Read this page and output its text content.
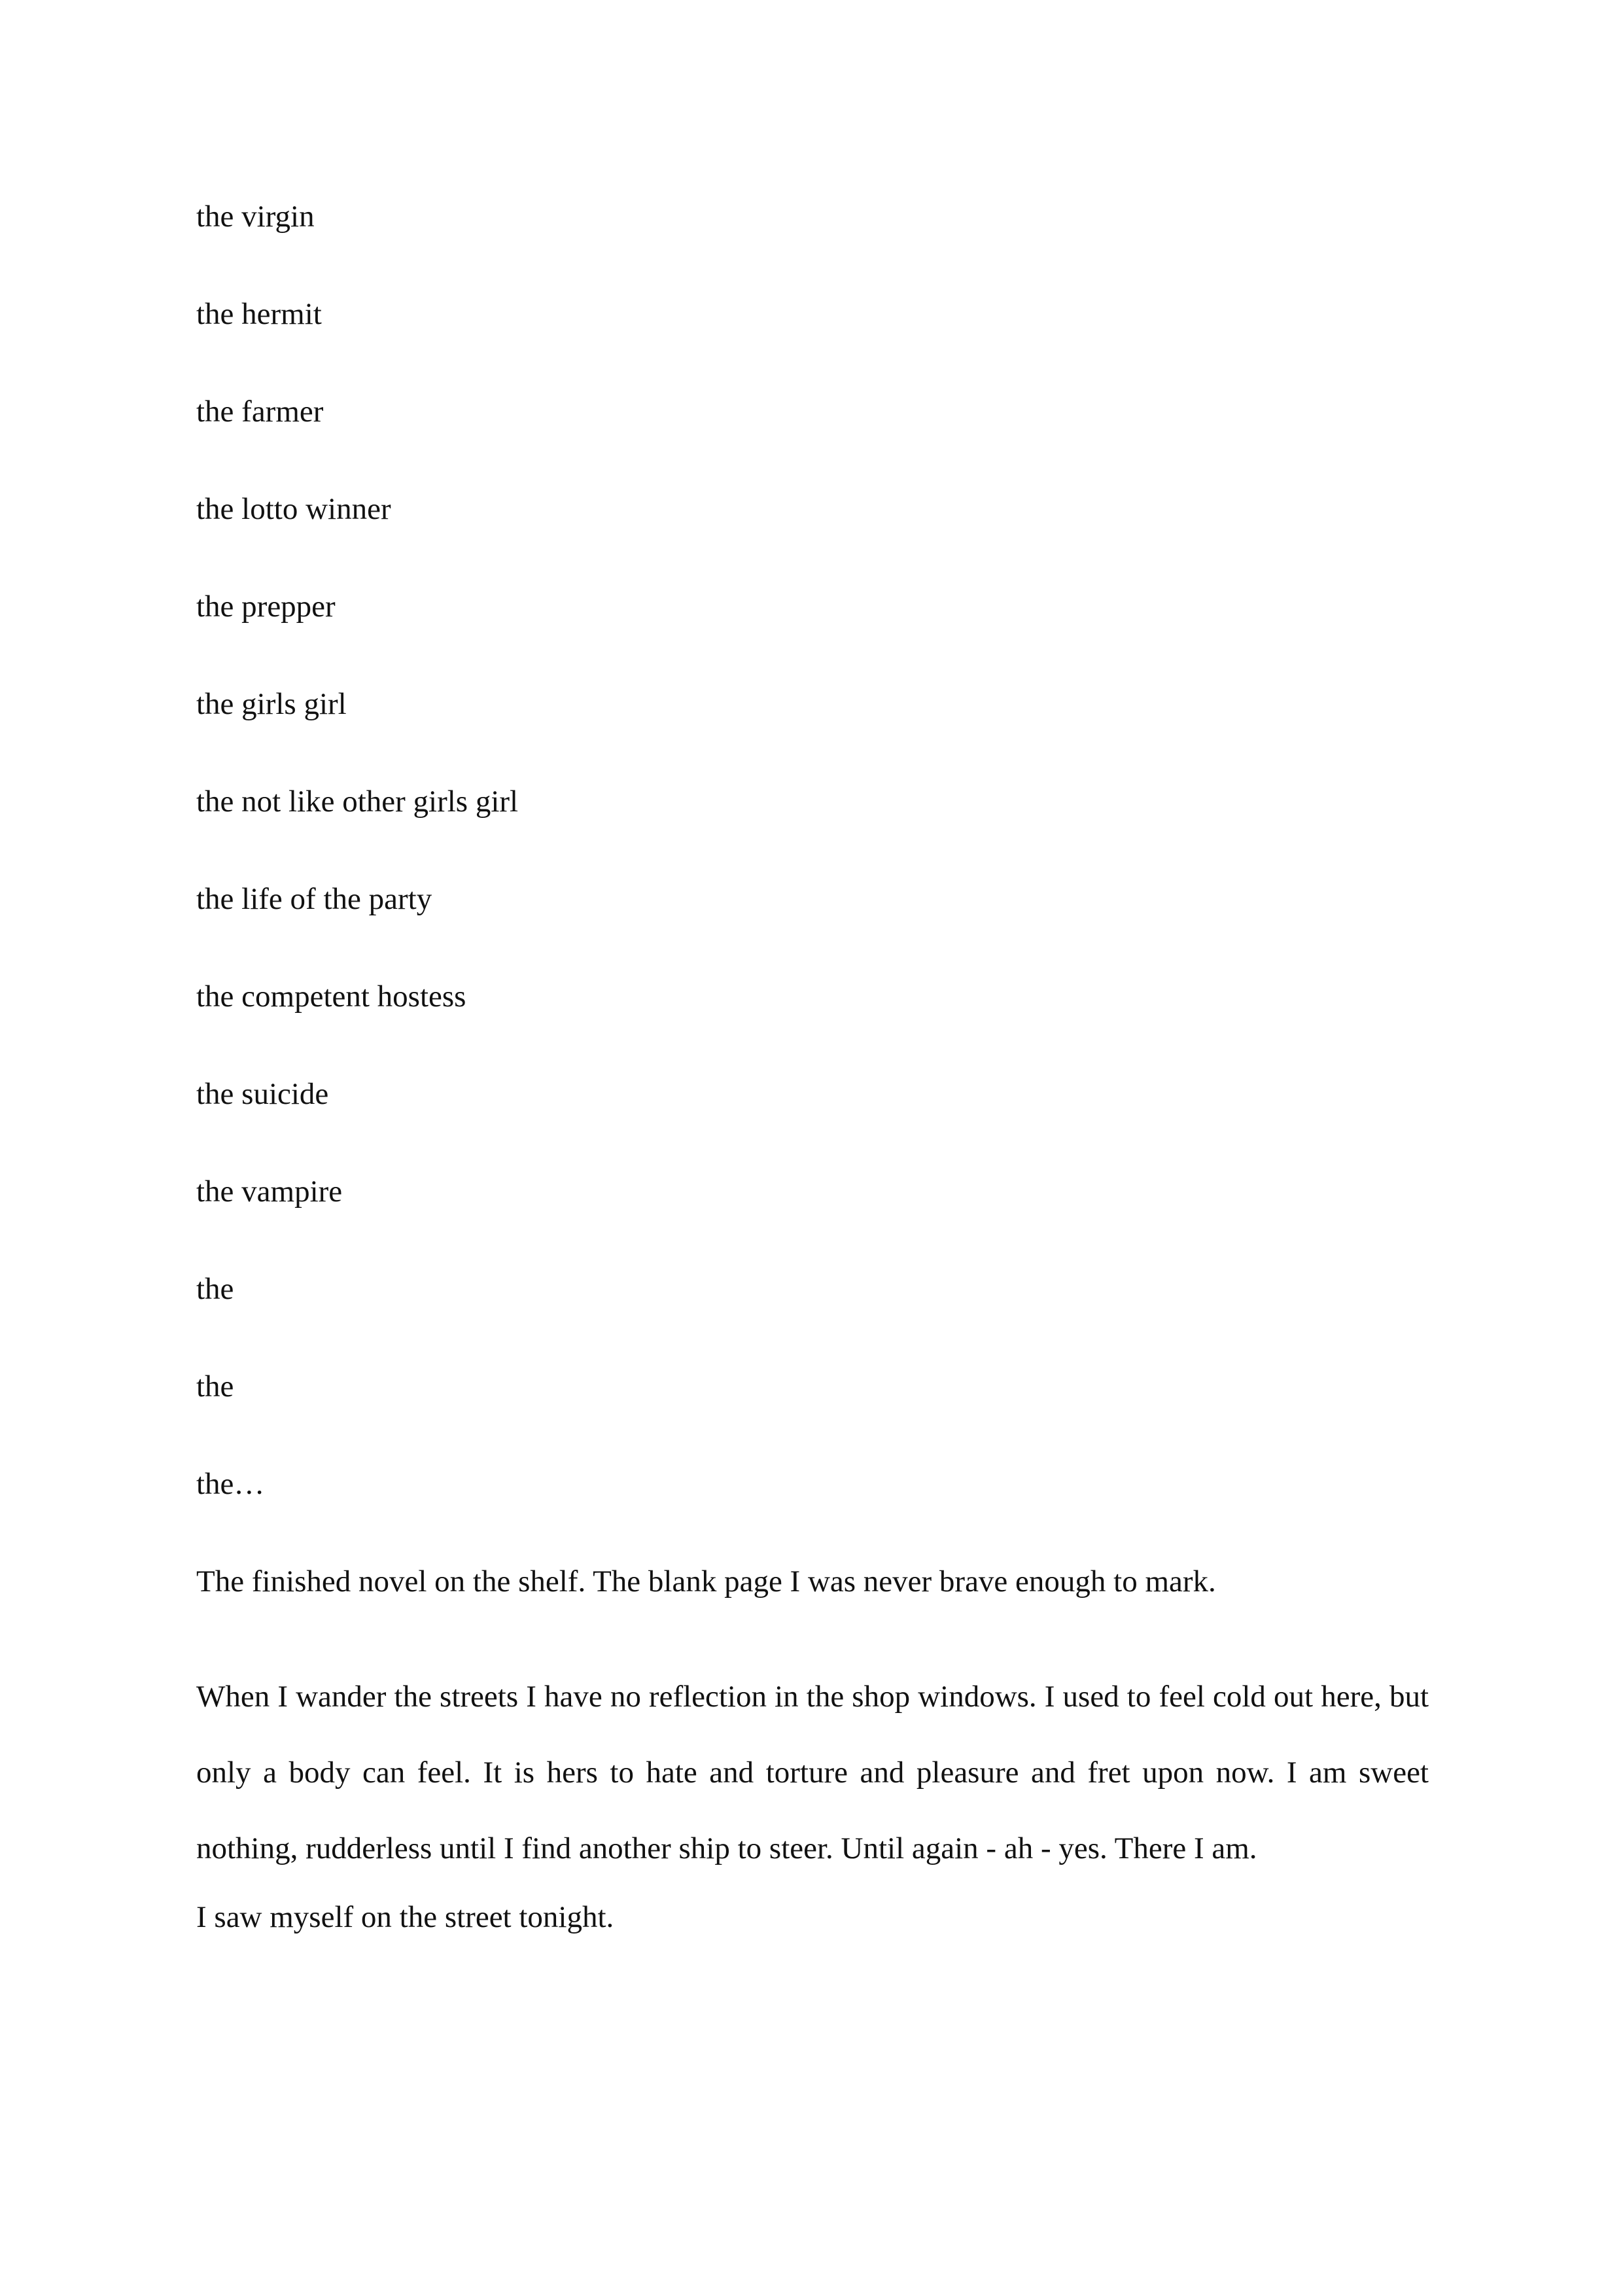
the virgin
the hermit
the farmer
the lotto winner
the prepper
the girls girl
the not like other girls girl
the life of the party
the competent hostess
the suicide
the vampire
the
the
the…

The finished novel on the shelf. The blank page I was never brave enough to mark.

When I wander the streets I have no reflection in the shop windows. I used to feel cold out here, but only a body can feel. It is hers to hate and torture and pleasure and fret upon now. I am sweet nothing, rudderless until I find another ship to steer. Until again - ah - yes. There I am.

I saw myself on the street tonight.
